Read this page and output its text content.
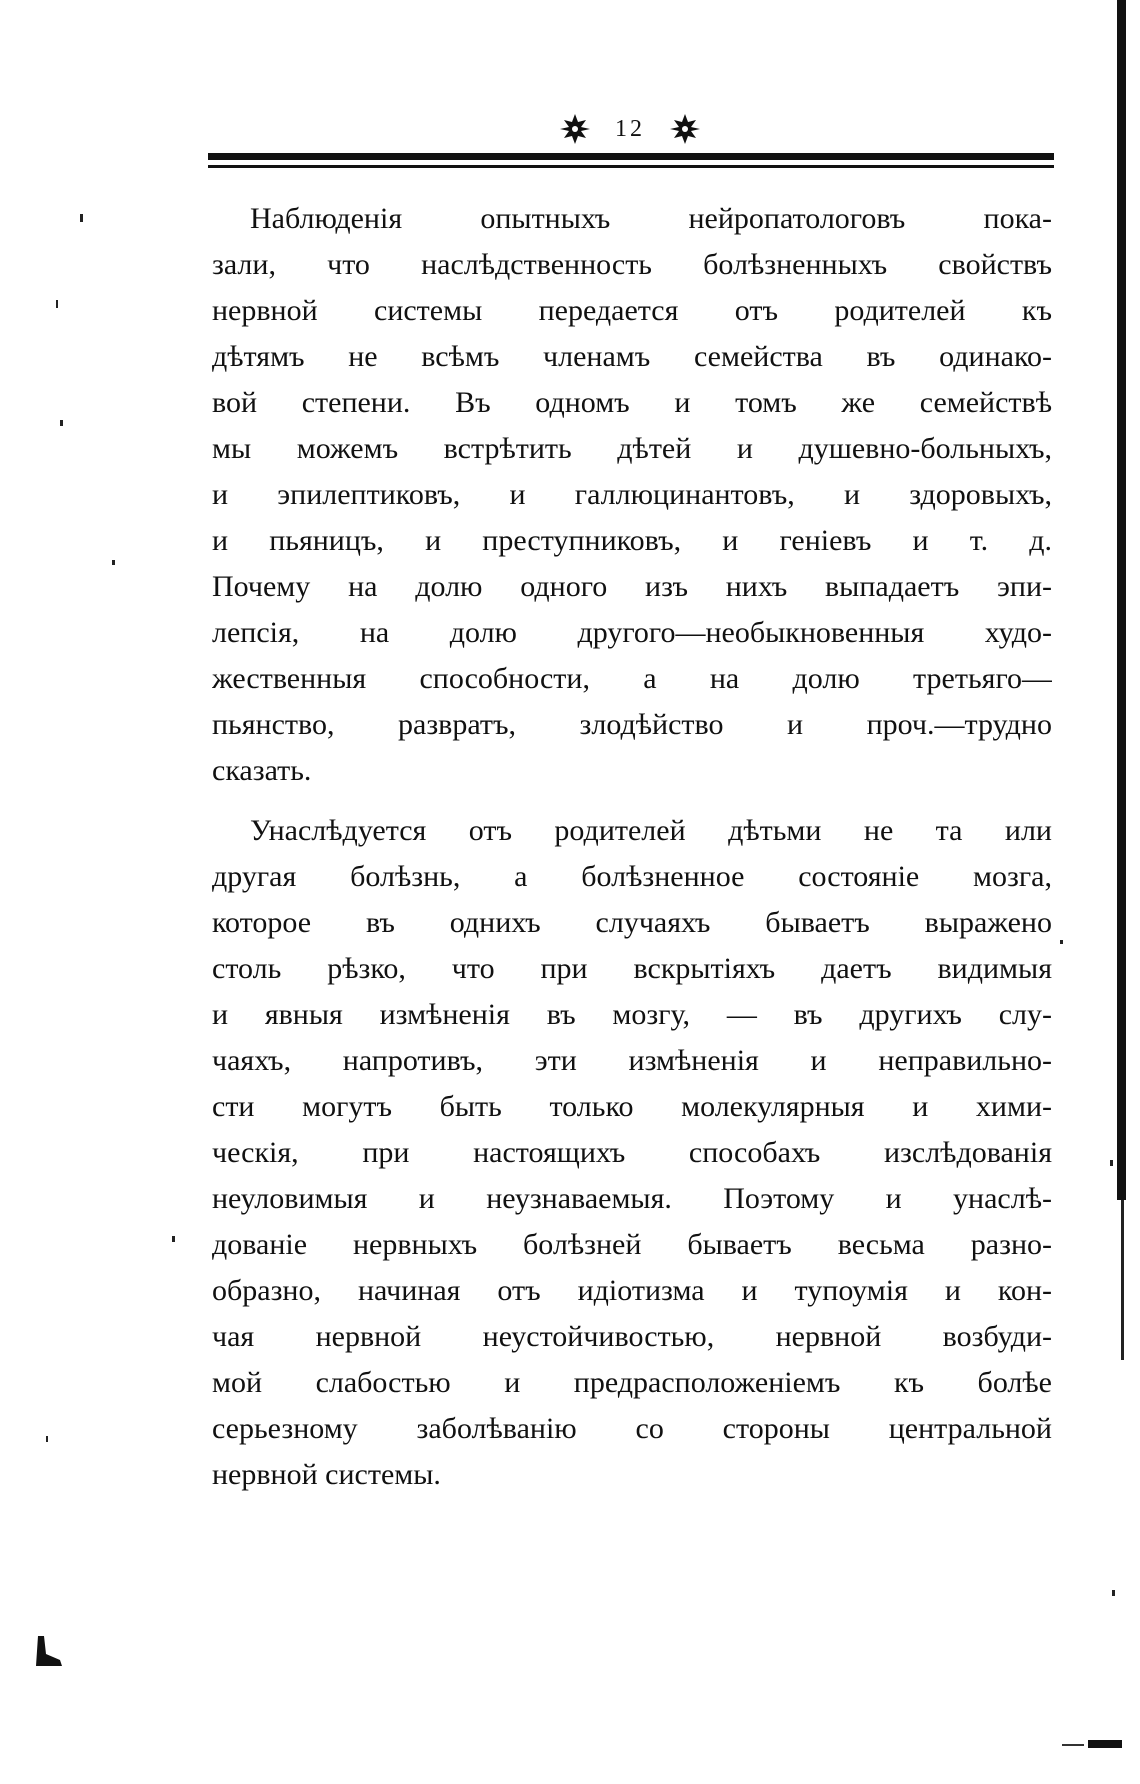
12
Наблюденія опытныхъ нейропатологовъ пока-
зали, что наслѣдственность болѣзненныхъ свойствъ
нервной системы передается отъ родителей къ
дѣтямъ не всѣмъ членамъ семейства въ одинако-
вой степени. Въ одномъ и томъ же семействѣ
мы можемъ встрѣтить дѣтей и душевно-больныхъ,
и эпилептиковъ, и галлюцинантовъ, и здоровыхъ,
и пьяницъ, и преступниковъ, и геніевъ и т. д.
Почему на долю одного изъ нихъ выпадаетъ эпи-
лепсія, на долю другого—необыкновенныя худо-
жественныя способности, а на долю третьяго—
пьянство, развратъ, злодѣйство и проч.—трудно
сказать.
Унаслѣдуется отъ родителей дѣтьми не та или
другая болѣзнь, а болѣзненное состояніе мозга,
которое въ однихъ случаяхъ бываетъ выражено
столь рѣзко, что при вскрытіяхъ даетъ видимыя
и явныя измѣненія въ мозгу, — въ другихъ слу-
чаяхъ, напротивъ, эти измѣненія и неправильно-
сти могутъ быть только молекулярныя и хими-
ческія, при настоящихъ способахъ изслѣдованія
неуловимыя и неузнаваемыя. Поэтому и унаслѣ-
дованіе нервныхъ болѣзней бываетъ весьма разно-
образно, начиная отъ идіотизма и тупоумія и кон-
чая нервной неустойчивостью, нервной возбуди-
мой слабостью и предрасположеніемъ къ болѣе
серьезному заболѣванію со стороны центральной
нервной системы.
